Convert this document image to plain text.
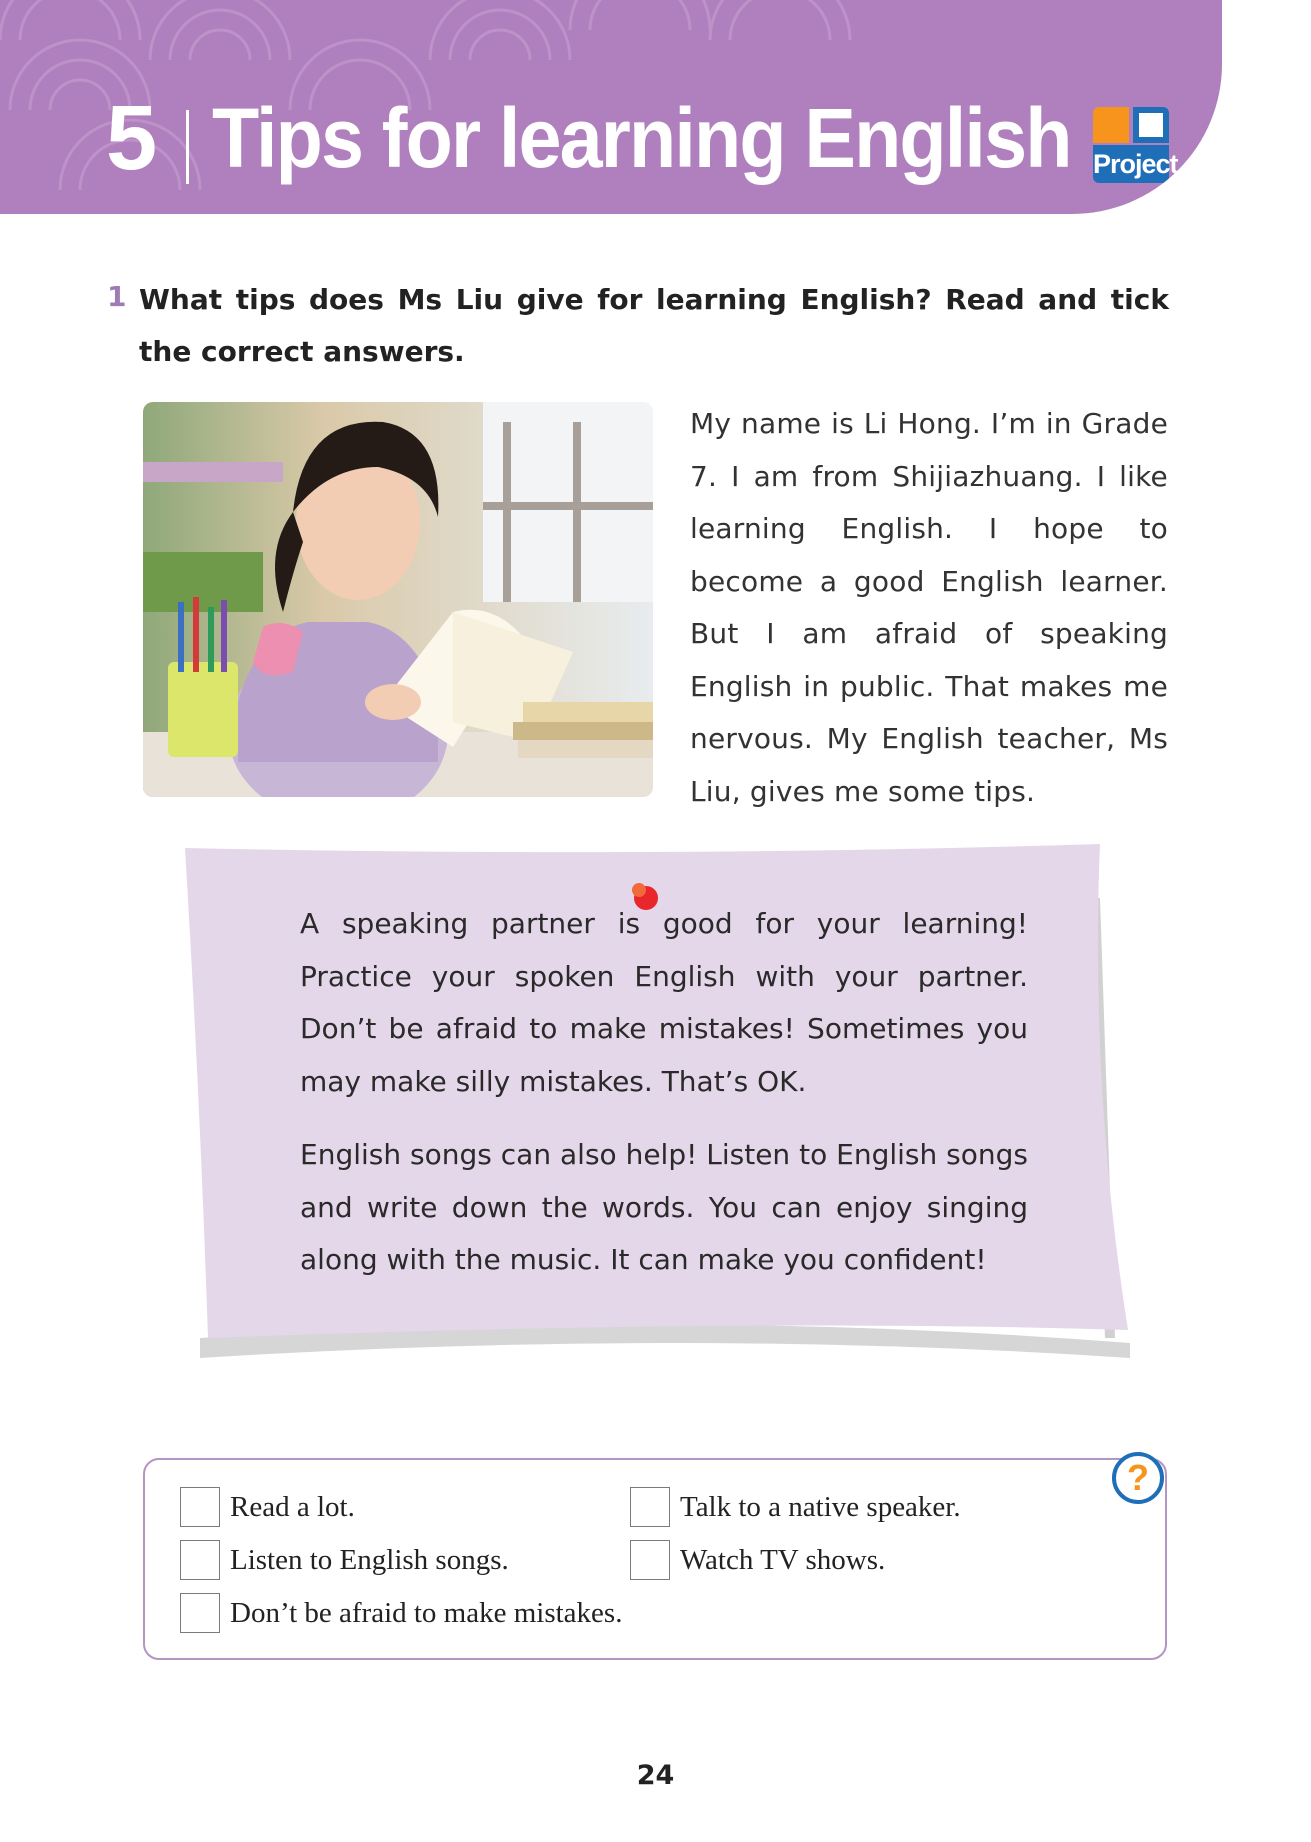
5 Tips for learning English Project
1 What tips does Ms Liu give for learning English? Read and tick the correct answers.
My name is Li Hong. I’m in Grade 7. I am from Shijiazhuang. I like learning English. I hope to become a good English learner. But I am afraid of speaking English in public. That makes me nervous. My English teacher, Ms Liu, gives me some tips.

A speaking partner is good for your learning! Practice your spoken English with your partner. Don’t be afraid to make mistakes! Sometimes you may make silly mistakes. That’s OK.

English songs can also help! Listen to English songs and write down the words. You can enjoy singing along with the music. It can make you confident!

?
Read a lot.
Listen to English songs.
Don’t be afraid to make mistakes.
Talk to a native speaker.
Watch TV shows.
24
